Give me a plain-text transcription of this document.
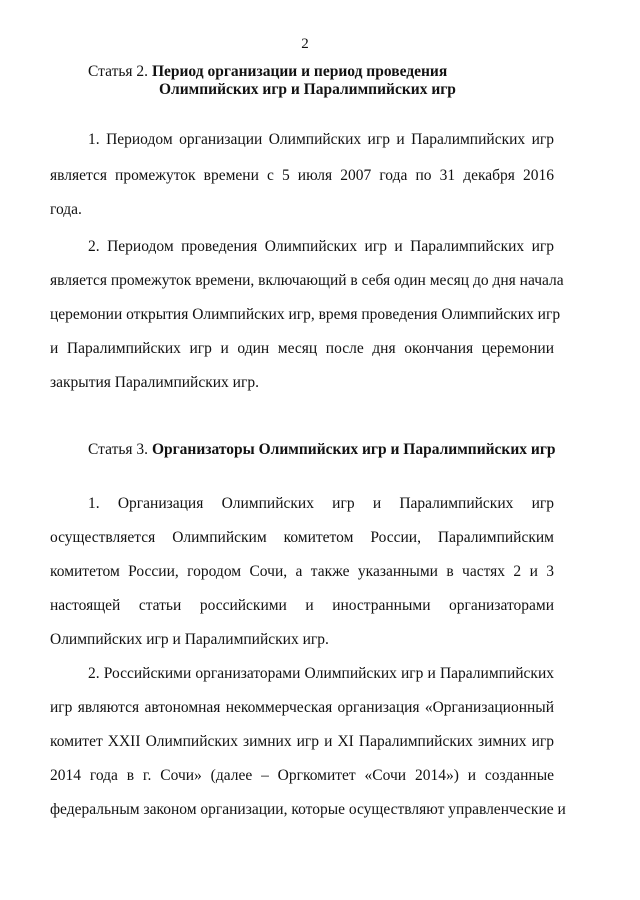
2
Статья 2. Период организации и период проведения
Олимпийских игр и Паралимпийских игр
1. Периодом организации Олимпийских игр и Паралимпийских игр
является промежуток времени с 5 июля 2007 года по 31 декабря 2016
года.
2. Периодом проведения Олимпийских игр и Паралимпийских игр
является промежуток времени, включающий в себя один месяц до дня начала
церемонии открытия Олимпийских игр, время проведения Олимпийских игр
и Паралимпийских игр и один месяц после дня окончания церемонии
закрытия Паралимпийских игр.
Статья 3. Организаторы Олимпийских игр и Паралимпийских игр
1. Организация Олимпийских игр и Паралимпийских игр
осуществляется Олимпийским комитетом России, Паралимпийским
комитетом России, городом Сочи, а также указанными в частях 2 и 3
настоящей статьи российскими и иностранными организаторами
Олимпийских игр и Паралимпийских игр.
2. Российскими организаторами Олимпийских игр и Паралимпийских
игр являются автономная некоммерческая организация «Организационный
комитет XXII Олимпийских зимних игр и XI Паралимпийских зимних игр
2014 года в г. Сочи» (далее – Оргкомитет «Сочи 2014») и созданные
федеральным законом организации, которые осуществляют управленческие и
